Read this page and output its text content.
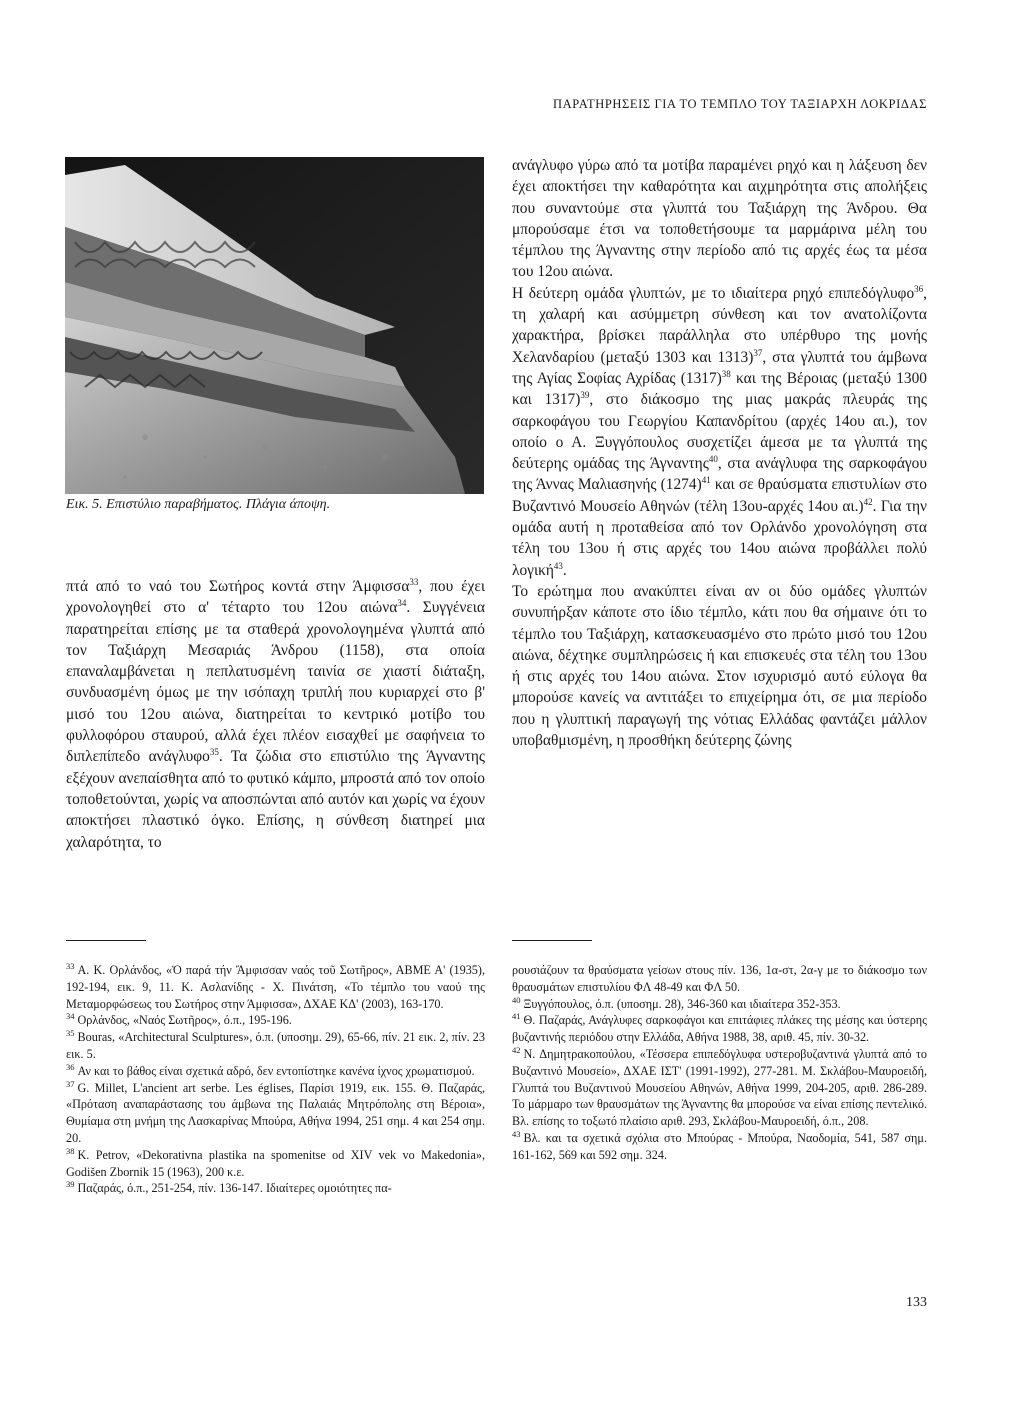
ΠΑΡΑΤΗΡΗΣΕΙΣ ΓΙΑ ΤΟ ΤΕΜΠΛΟ ΤΟΥ ΤΑΞΙΑΡΧΗ ΛΟΚΡΙΔΑΣ
Εικ. 5. Επιστύλιο παραβήματος. Πλάγια άποψη.

πτά από το ναό του Σωτήρος κοντά στην Άμφισσα$^{33}$, που έχει χρονολογηθεί στο α' τέταρτο του 12ου αιώνα$^{34}$. Συγγένεια παρατηρείται επίσης με τα σταθερά χρονολογημένα γλυπτά από τον Ταξιάρχη Μεσαριάς Άνδρου (1158), στα οποία επαναλαμβάνεται η πεπλατυσμένη ταινία σε χιαστί διάταξη, συνδυασμένη όμως με την ισόπαχη τριπλή που κυριαρχεί στο β' μισό του 12ου αιώνα, διατηρείται το κεντρικό μοτίβο του φυλλοφόρου σταυρού, αλλά έχει πλέον εισαχθεί με σαφήνεια το διπλεπίπεδο ανάγλυφο$^{35}$. Τα ζώδια στο επιστύλιο της Άγναντης εξέχουν ανεπαίσθητα από το φυτικό κάμπο, μπροστά από τον οποίο τοποθετούνται, χωρίς να αποσπώνται από αυτόν και χωρίς να έχουν αποκτήσει πλαστικό όγκο. Επίσης, η σύνθεση διατηρεί μια χαλαρότητα, το

ανάγλυφο γύρω από τα μοτίβα παραμένει ρηχό και η λάξευση δεν έχει αποκτήσει την καθαρότητα και αιχμηρότητα στις απολήξεις που συναντούμε στα γλυπτά του Ταξιάρχη της Άνδρου. Θα μπορούσαμε έτσι να τοποθετήσουμε τα μαρμάρινα μέλη του τέμπλου της Άγναντης στην περίοδο από τις αρχές έως τα μέσα του 12ου αιώνα.

Η δεύτερη ομάδα γλυπτών, με το ιδιαίτερα ρηχό επιπεδόγλυφο$^{36}$, τη χαλαρή και ασύμμετρη σύνθεση και τον ανατολίζοντα χαρακτήρα, βρίσκει παράλληλα στο υπέρθυρο της μονής Χελανδαρίου (μεταξύ 1303 και 1313)$^{37}$, στα γλυπτά του άμβωνα της Αγίας Σοφίας Αχρίδας $(1317)^{38}$ και της Βέροιας (μεταξύ 1300 και 1317)$^{39}$, στο διάκοσμο της μιας μακράς πλευράς της σαρκοφάγου του Γεωργίου Καπανδρίτου (αρχές 14ου αι.), τον οποίο ο Α. Ξυγγόπουλος συσχετίζει άμεσα με τα γλυπτά της δεύτερης ομάδας της Άγναντης$^{40}$, στα ανάγλυφα της σαρκοφάγου της Άννας Μαλιασηνής $(1274)^{41}$ και σε θραύσματα επιστυλίων στο Βυζαντινό Μουσείο Αθηνών (τέλη 13ου-αρχές 14ου αι.)$^{42}$. Για την ομάδα αυτή η προταθείσα από τον Ορλάνδο χρονολόγηση στα τέλη του 13ου ή στις αρχές του 14ου αιώνα προβάλλει πολύ λογική$^{43}$.

Το ερώτημα που ανακύπτει είναι αν οι δύο ομάδες γλυπτών συνυπήρξαν κάποτε στο ίδιο τέμπλο, κάτι που θα σήμαινε ότι το τέμπλο του Ταξιάρχη, κατασκευασμένο στο πρώτο μισό του 12ου αιώνα, δέχτηκε συμπληρώσεις ή και επισκευές στα τέλη του 13ου ή στις αρχές του 14ου αιώνα. Στον ισχυρισμό αυτό εύλογα θα μπορούσε κανείς να αντιτάξει το επιχείρημα ότι, σε μια περίοδο που η γλυπτική παραγωγή της νότιας Ελλάδας φαντάζει μάλλον υποβαθμισμένη, η προσθήκη δεύτερης ζώνης

$^{33}$ Α. Κ. Ορλάνδος, «Ὁ παρά τήν Ἄμφισσαν ναός τοῦ Σωτῆρος», ΑΒΜΕ Α' (1935), 192-194, εικ. 9, 11. Κ. Ασλανίδης - Χ. Πινάτση, «Το τέμπλο του ναού της Μεταμορφώσεως του Σωτήρος στην Άμφισσα», ΔΧΑΕ ΚΔ' (2003), 163-170.

$^{34}$ Ορλάνδος, «Ναός Σωτῆρος», ό.π., 195-196.

$^{35}$ Bouras, «Architectural Sculptures», ό.π. (υποσημ. 29), 65-66, πίν. 21 εικ. 2, πίν. 23 εικ. 5.

$^{36}$ Αν και το βάθος είναι σχετικά αδρό, δεν εντοπίστηκε κανένα ίχνος χρωματισμού.

$^{37}$ G. Millet, L'ancient art serbe. Les églises, Παρίσι 1919, εικ. 155. Θ. Παζαράς, «Πρόταση αναπαράστασης του άμβωνα της Παλαιάς Μητρόπολης στη Βέροια», Θυμίαμα στη μνήμη της Λασκαρίνας Μπούρα, Αθήνα 1994, 251 σημ. 4 και 254 σημ. 20.

$^{38}$ Κ. Petrov, «Dekorativna plastika na spomenitse od XIV vek vo Makedonia», Godišen Zbornik 15 (1963), 200 κ.ε.

$^{39}$ Παζαράς, ό.π., 251-254, πίν. 136-147. Ιδιαίτερες ομοιότητες πα-

ρουσιάζουν τα θραύσματα γείσων στους πίν. 136, 1α-στ, 2α-γ με το διάκοσμο των θραυσμάτων επιστυλίου ΦΛ 48-49 και ΦΛ 50.

$^{40}$ Ξυγγόπουλος, ό.π. (υποσημ. 28), 346-360 και ιδιαίτερα 352-353.

$^{41}$ Θ. Παζαράς, Ανάγλυφες σαρκοφάγοι και επιτάφιες πλάκες της μέσης και ύστερης βυζαντινής περιόδου στην Ελλάδα, Αθήνα 1988, 38, αριθ. 45, πίν. 30-32.

$^{42}$ Ν. Δημητρακοπούλου, «Τέσσερα επιπεδόγλυφα υστεροβυζαντινά γλυπτά από το Βυζαντινό Μουσείο», ΔΧΑΕ ΙΣΤ' (1991-1992), 277-281. Μ. Σκλάβου-Μαυροειδή, Γλυπτά του Βυζαντινού Μουσείου Αθηνών, Αθήνα 1999, 204-205, αριθ. 286-289. Το μάρμαρο των θραυσμάτων της Άγναντης θα μπορούσε να είναι επίσης πεντελικό. Βλ. επίσης το τοξωτό πλαίσιο αριθ. 293, Σκλάβου-Μαυροειδή, ό.π., 208.

$^{43}$ Βλ. και τα σχετικά σχόλια στο Μπούρας - Μπούρα, Ναοδομία, 541, 587 σημ. 161-162, 569 και 592 σημ. 324.

133
